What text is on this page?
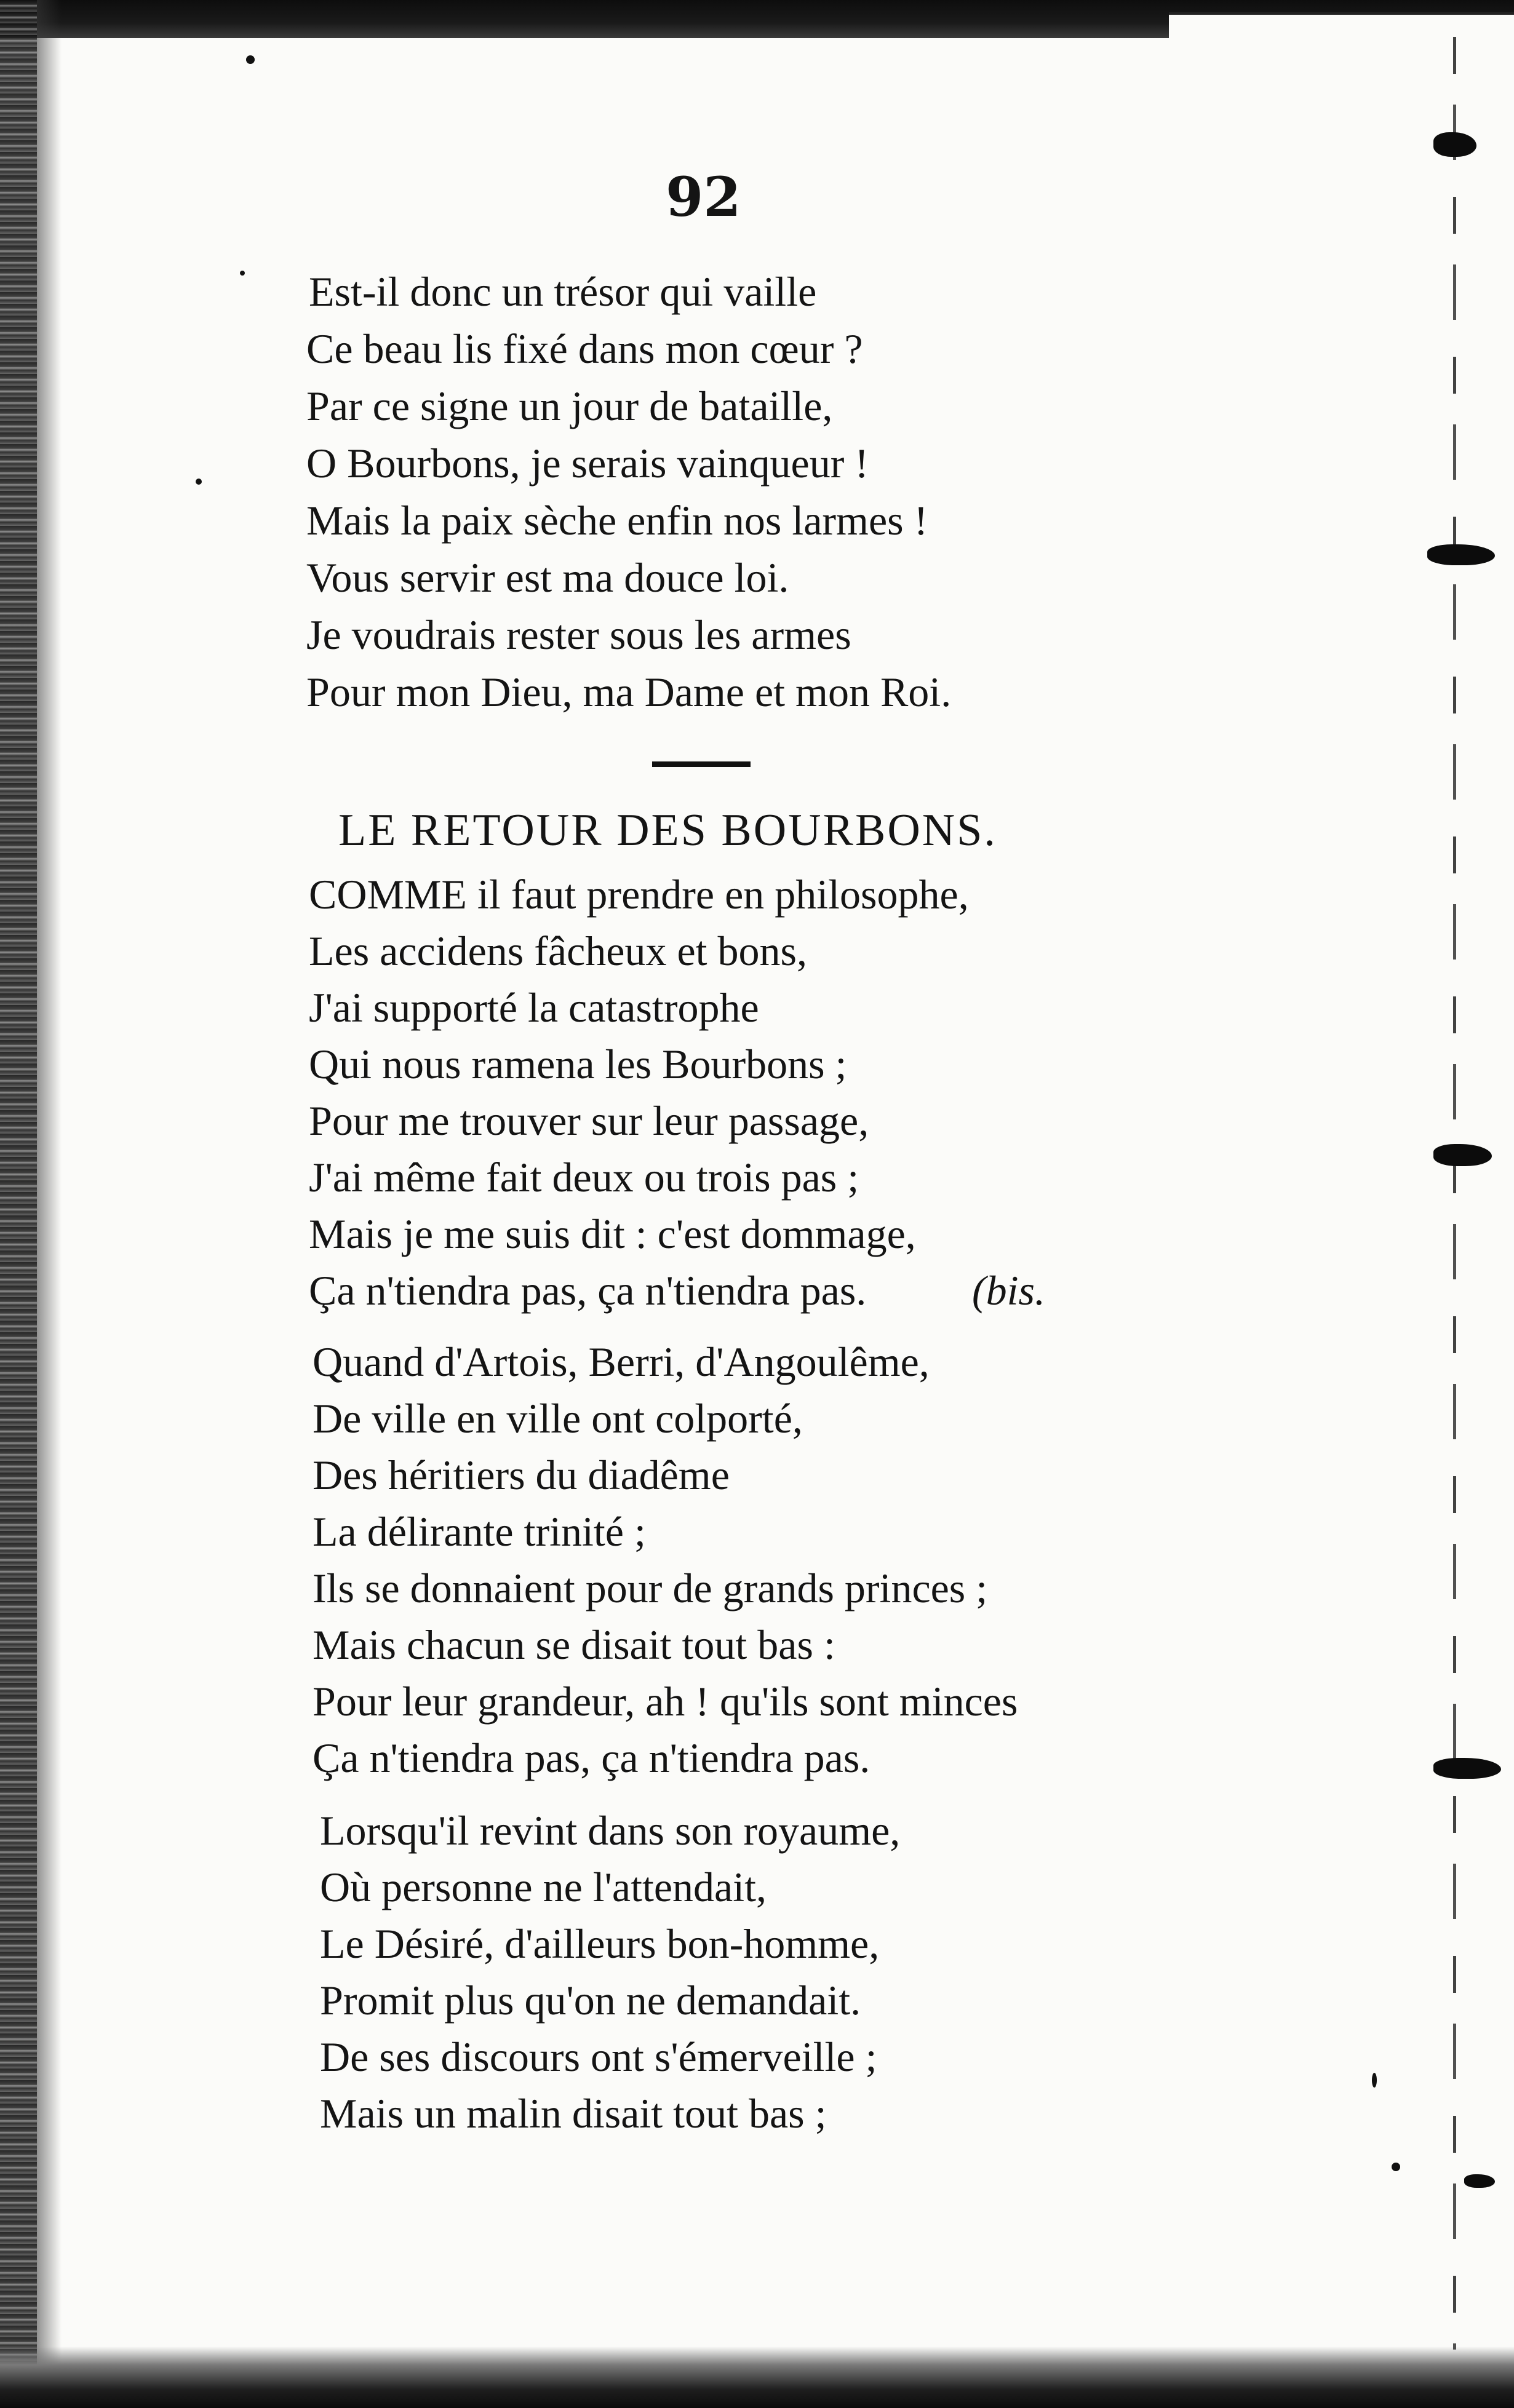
92
Est-il donc un trésor qui vaille
Ce beau lis fixé dans mon cœur ?
Par ce signe un jour de bataille,
O Bourbons, je serais vainqueur !
Mais la paix sèche enfin nos larmes !
Vous servir est ma douce loi.
Je voudrais rester sous les armes
Pour mon Dieu, ma Dame et mon Roi.
LE RETOUR DES BOURBONS.
COMME il faut prendre en philosophe,
Les accidens fâcheux et bons,
J'ai supporté la catastrophe
Qui nous ramena les Bourbons ;
Pour me trouver sur leur passage,
J'ai même fait deux ou trois pas ;
Mais je me suis dit : c'est dommage,
Ça n'tiendra pas, ça n'tiendra pas.	(bis.
Quand d'Artois, Berri, d'Angoulême,
De ville en ville ont colporté,
Des héritiers du diadême
La délirante trinité ;
Ils se donnaient pour de grands princes ;
Mais chacun se disait tout bas :
Pour leur grandeur, ah ! qu'ils sont minces
Ça n'tiendra pas, ça n'tiendra pas.
Lorsqu'il revint dans son royaume,
Où personne ne l'attendait,
Le Désiré, d'ailleurs bon-homme,
Promit plus qu'on ne demandait.
De ses discours ont s'émerveille ;
Mais un malin disait tout bas ;
